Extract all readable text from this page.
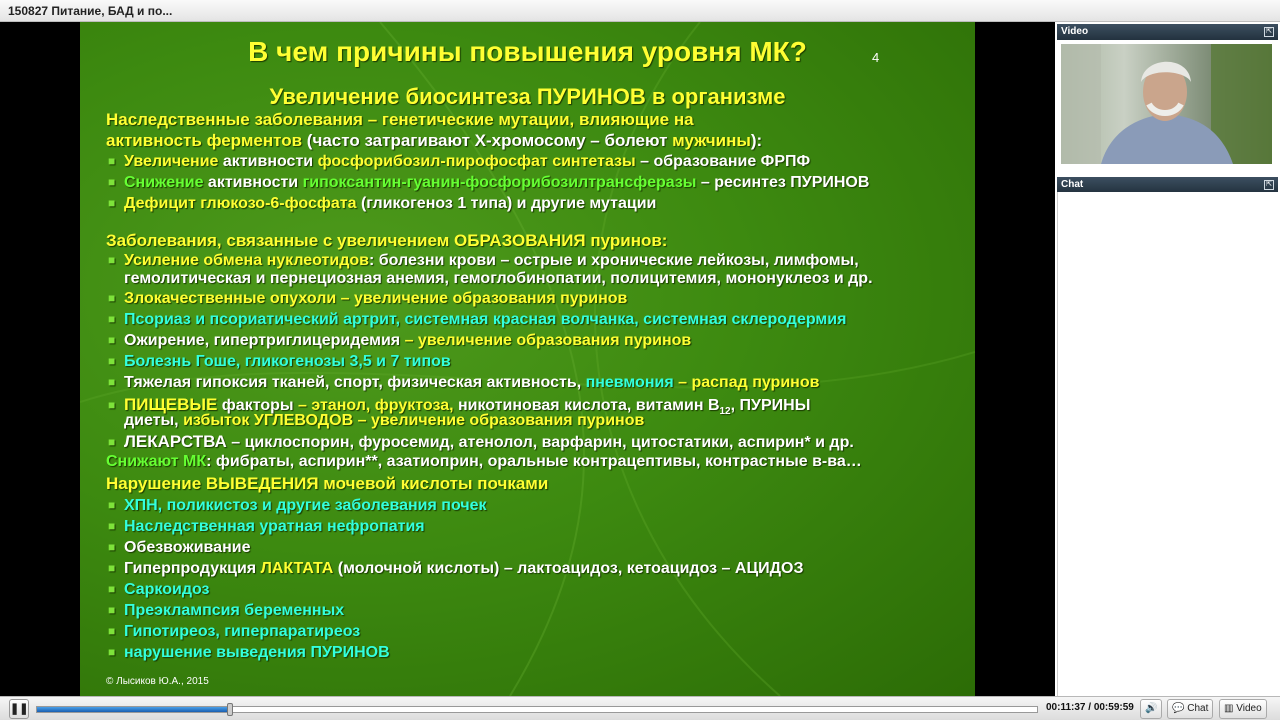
150827 Питание, БАД и по...
В чем причины повышения уровня МК?	4
Увеличение биосинтеза ПУРИНОВ в организме
Наследственные заболевания – генетические мутации, влияющие на
активность ферментов (часто затрагивают Х-хромосому – болеют мужчины):
■ Увеличение активности фосфорибозил-пирофосфат синтетазы – образование ФРПФ
■ Снижение активности гипоксантин-гуанин-фосфорибозилтрансферазы – ресинтез ПУРИНОВ
■ Дефицит глюкозо-6-фосфата (гликогеноз 1 типа) и другие мутации
Заболевания, связанные с увеличением ОБРАЗОВАНИЯ пуринов:
■ Усиление обмена нуклеотидов: болезни крови – острые и хронические лейкозы, лимфомы,
гемолитическая и пернециозная анемия, гемоглобинопатии, полицитемия, мононуклеоз и др.
■ Злокачественные опухоли – увеличение образования пуринов
■ Псориаз и псориатический артрит, системная красная волчанка, системная склеродермия
■ Ожирение, гипертриглицеридемия – увеличение образования пуринов
■ Болезнь Гоше, гликогенозы 3,5 и 7 типов
■ Тяжелая гипоксия тканей, спорт, физическая активность, пневмония – распад пуринов
■ ПИЩЕВЫЕ факторы – этанол, фруктоза, никотиновая кислота, витамин $В_{12}$, ПУРИНЫ
диеты, избыток УГЛЕВОДОВ – увеличение образования пуринов
■ ЛЕКАРСТВА – циклоспорин, фуросемид, атенолол, варфарин, цитостатики, аспирин* и др.
Снижают МК: фибраты, аспирин**, азатиоприн, оральные контрацептивы, контрастные в-ва…
Нарушение ВЫВЕДЕНИЯ мочевой кислоты почками
■ ХПН, поликистоз и другие заболевания почек
■ Наследственная уратная нефропатия
■ Обезвоживание
■ Гиперпродукция ЛАКТАТА (молочной кислоты) – лактоацидоз, кетоацидоз – АЦИДОЗ
■ Саркоидоз
■ Преэклампсия беременных
■ Гипотиреоз, гиперпаратиреоз
■ нарушение выведения ПУРИНОВ
© Лысиков Ю.А., 2015
Video	⇱
Chat	⇱
❚❚	00:11:37 / 00:59:59	🔊	💬 Chat	▥ Video
